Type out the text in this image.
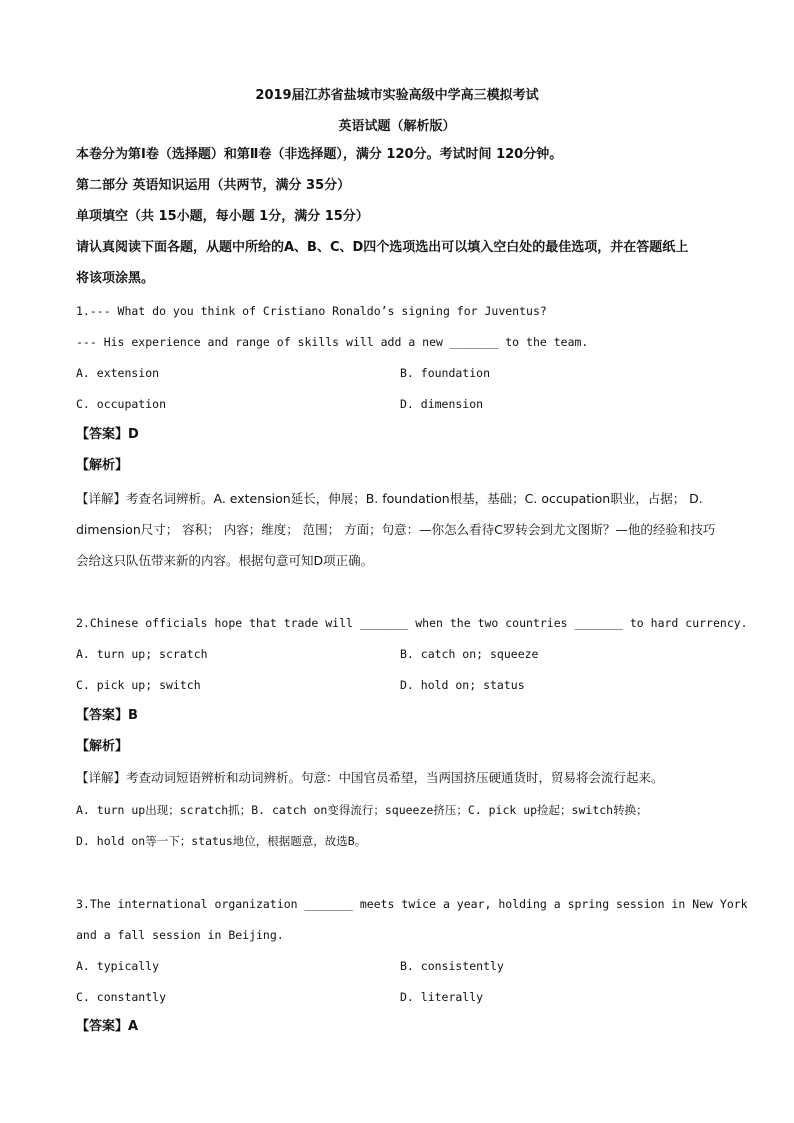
2019届江苏省盐城市实验高级中学高三模拟考试
英语试题（解析版）
本卷分为第Ⅰ卷（选择题）和第Ⅱ卷（非选择题），满分 120分。考试时间 120分钟。
第二部分 英语知识运用（共两节，满分 35分）
单项填空（共 15小题，每小题 1分，满分 15分）
请认真阅读下面各题，从题中所给的A、B、C、D四个选项选出可以填入空白处的最佳选项，并在答题纸上
将该项涂黑。
1.--- What do you think of Cristiano Ronaldo’s signing for Juventus?
--- His experience and range of skills will add a new _______ to the team.
A. extension	B. foundation
C. occupation	D. dimension
【答案】D
【解析】
【详解】考查名词辨析。A. extension延长，伸展；B. foundation根基，基础；C. occupation职业，占据； D. dimension尺寸； 容积； 内容；维度； 范围； 方面；句意：—你怎么看待C罗转会到尤文图斯？—他的经验和技巧会给这只队伍带来新的内容。根据句意可知D项正确。
2.Chinese officials hope that trade will _______ when the two countries _______ to hard currency.
A. turn up; scratch	B. catch on; squeeze
C. pick up; switch	D. hold on; status
【答案】B
【解析】
【详解】考查动词短语辨析和动词辨析。句意：中国官员希望，当两国挤压硬通货时，贸易将会流行起来。
A. turn up出现；scratch抓；B. catch on变得流行；squeeze挤压；C. pick up捡起；switch转换；
D. hold on等一下；status地位，根据题意，故选B。
3.The international organization _______ meets twice a year, holding a spring session in New York
and a fall session in Beijing.
A. typically	B. consistently
C. constantly	D. literally
【答案】A
